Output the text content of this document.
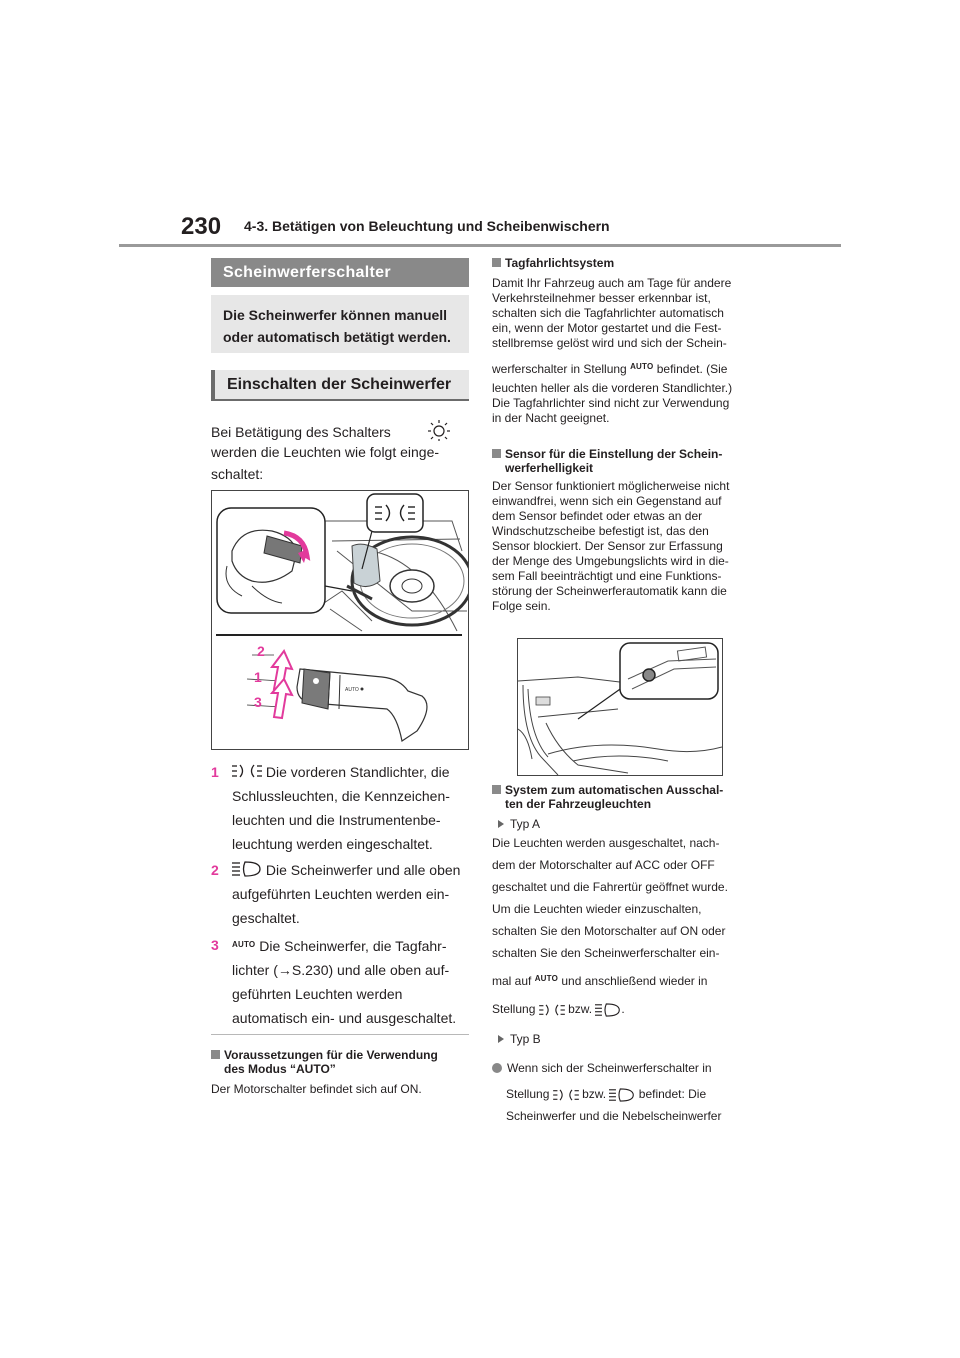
230 4-3. Betätigen von Beleuchtung und Scheibenwischern
Scheinwerferschalter
Die Scheinwerfer können manuell
oder automatisch betätigt werden.
Einschalten der Scheinwerfer
Bei Betätigung des Schalters
werden die Leuchten wie folgt einge-
schaltet:
AUTO
2
1
3
1	Die vorderen Standlichter, die
Schlussleuchten, die Kennzeichen-
leuchten und die Instrumentenbe-
leuchtung werden eingeschaltet.
2	Die Scheinwerfer und alle oben
aufgeführten Leuchten werden ein-
geschaltet.
3 $^{AUTO}$ Die Scheinwerfer, die Tagfahr-
lichter (→S.230) und alle oben auf-
geführten Leuchten werden
automatisch ein- und ausgeschaltet.
Voraussetzungen für die Verwendung
des Modus “AUTO”
Der Motorschalter befindet sich auf ON.
Tagfahrlichtsystem
Damit Ihr Fahrzeug auch am Tage für andere
Verkehrsteilnehmer besser erkennbar ist,
schalten sich die Tagfahrlichter automatisch
ein, wenn der Motor gestartet und die Fest-
stellbremse gelöst wird und sich der Schein-
werferschalter in Stellung $^{AUTO}$ befindet. (Sie
leuchten heller als die vorderen Standlichter.)
Die Tagfahrlichter sind nicht zur Verwendung
in der Nacht geeignet.
Sensor für die Einstellung der Schein-
werferhelligkeit
Der Sensor funktioniert möglicherweise nicht
einwandfrei, wenn sich ein Gegenstand auf
dem Sensor befindet oder etwas an der
Windschutzscheibe befestigt ist, das den
Sensor blockiert. Der Sensor zur Erfassung
der Menge des Umgebungslichts wird in die-
sem Fall beeinträchtigt und eine Funktions-
störung der Scheinwerferautomatik kann die
Folge sein.
System zum automatischen Ausschal-
ten der Fahrzeugleuchten
Typ A
Die Leuchten werden ausgeschaltet, nach-
dem der Motorschalter auf ACC oder OFF
geschaltet und die Fahrertür geöffnet wurde.
Um die Leuchten wieder einzuschalten,
schalten Sie den Motorschalter auf ON oder
schalten Sie den Scheinwerferschalter ein-
mal auf $^{AUTO}$ und anschließend wieder in
Stellung	bzw. .
Typ B
Wenn sich der Scheinwerferschalter in
Stellung	bzw.	befindet: Die
Scheinwerfer und die Nebelscheinwerfer
